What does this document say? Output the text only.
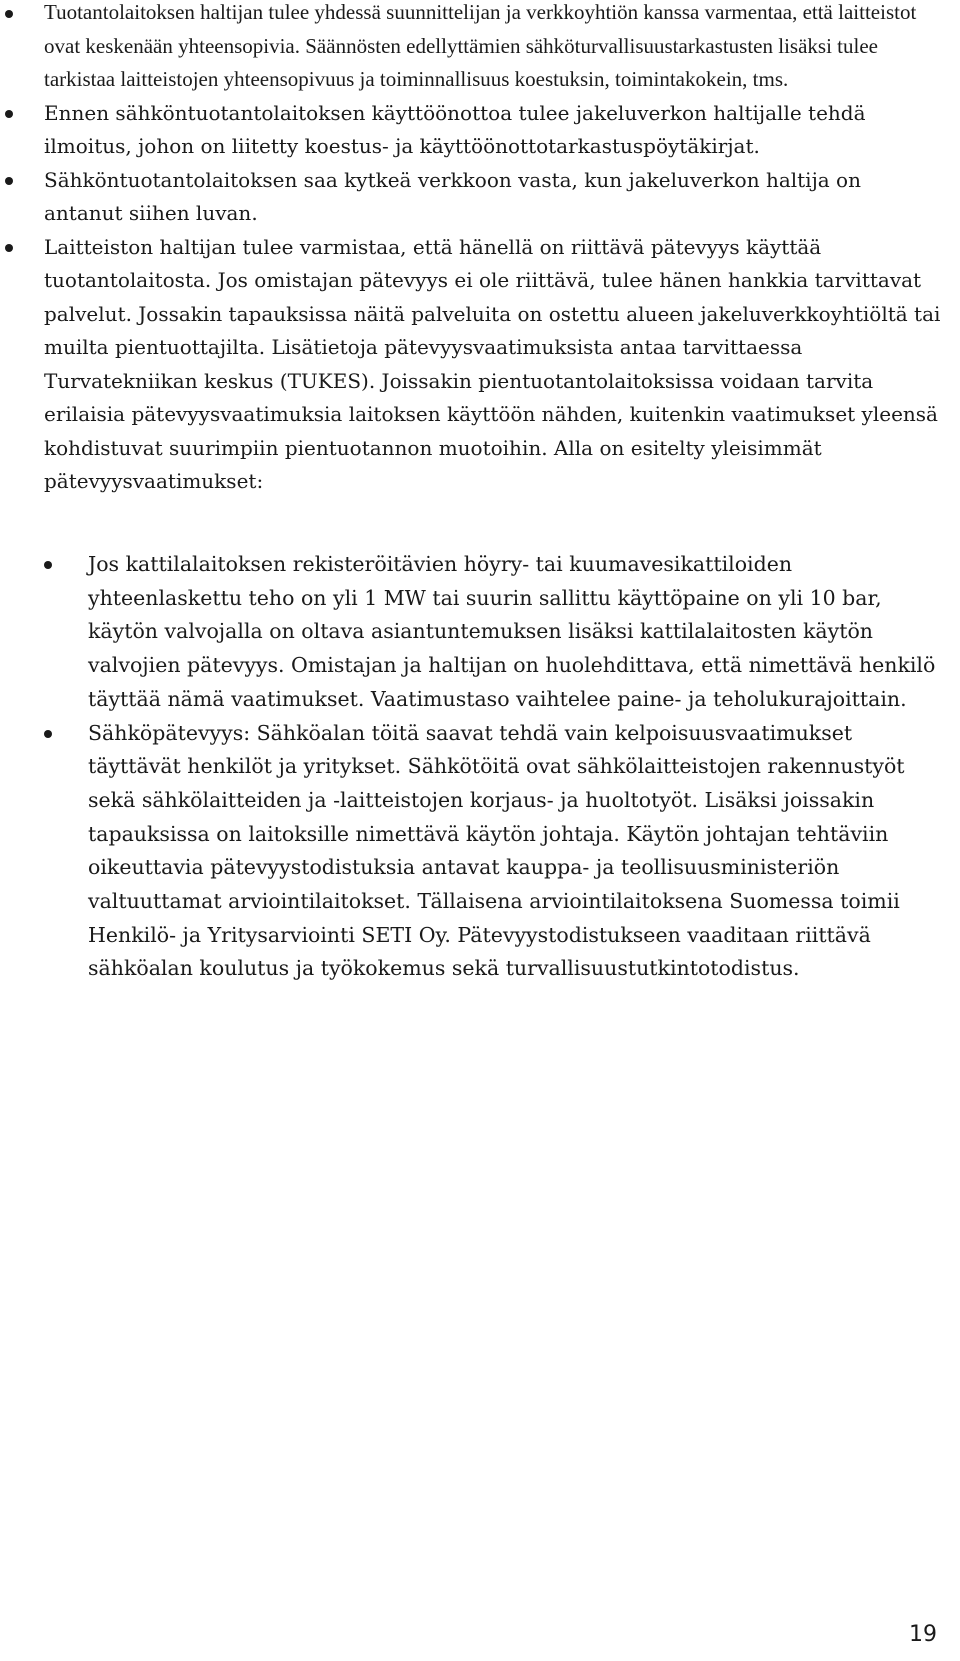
Tuotantolaitoksen haltijan tulee yhdessä suunnittelijan ja verkkoyhtiön kanssa varmentaa, että laitteistot ovat keskenään yhteensopivia. Säännösten edellyttämien sähköturvallisuustarkastusten lisäksi tulee tarkistaa laitteistojen yhteensopivuus ja toiminnallisuus koestuksin, toimintakokein, tms.
Ennen sähköntuotantolaitoksen käyttöönottoa tulee jakeluverkon haltijalle tehdä ilmoitus, johon on liitetty koestus- ja käyttöönottotarkastuspöytäkirjat.
Sähköntuotantolaitoksen saa kytkeä verkkoon vasta, kun jakeluverkon haltija on antanut siihen luvan.
Laitteiston haltijan tulee varmistaa, että hänellä on riittävä pätevyys käyttää tuotantolaitosta. Jos omistajan pätevyys ei ole riittävä, tulee hänen hankkia tarvittavat palvelut. Jossakin tapauksissa näitä palveluita on ostettu alueen jakeluverkkoyhtiöltä tai muilta pientuottajilta. Lisätietoja pätevyysvaatimuksista antaa tarvittaessa Turvatekniikan keskus (TUKES). Joissakin pientuotantolaitoksissa voidaan tarvita erilaisia pätevyysvaatimuksia laitoksen käyttöön nähden, kuitenkin vaatimukset yleensä kohdistuvat suurimpiin pientuotannon muotoihin. Alla on esitelty yleisimmät pätevyysvaatimukset:
Jos kattilalaitoksen rekisteröitävien höyry- tai kuumavesikattiloiden yhteenlaskettu teho on yli 1 MW tai suurin sallittu käyttöpaine on yli 10 bar, käytön valvojalla on oltava asiantuntemuksen lisäksi kattilalaitosten käytön valvojien pätevyys. Omistajan ja haltijan on huolehdittava, että nimettävä henkilö täyttää nämä vaatimukset. Vaatimustaso vaihtelee paine- ja teholukurajoittain.
Sähköpätevyys: Sähköalan töitä saavat tehdä vain kelpoisuusvaatimukset täyttävät henkilöt ja yritykset. Sähkötöitä ovat sähkölaitteistojen rakennustyöt sekä sähkölaitteiden ja -laitteistojen korjaus- ja huoltotyöt. Lisäksi joissakin tapauksissa on laitoksille nimettävä käytön johtaja. Käytön johtajan tehtäviin oikeuttavia pätevyystodistuksia antavat kauppa- ja teollisuusministeriön valtuuttamat arviointilaitokset. Tällaisena arviointilaitoksena Suomessa toimii Henkilö- ja Yritysarviointi SETI Oy. Pätevyystodistukseen vaaditaan riittävä sähköalan koulutus ja työkokemus sekä turvallisuustutkintotodistus.
19
